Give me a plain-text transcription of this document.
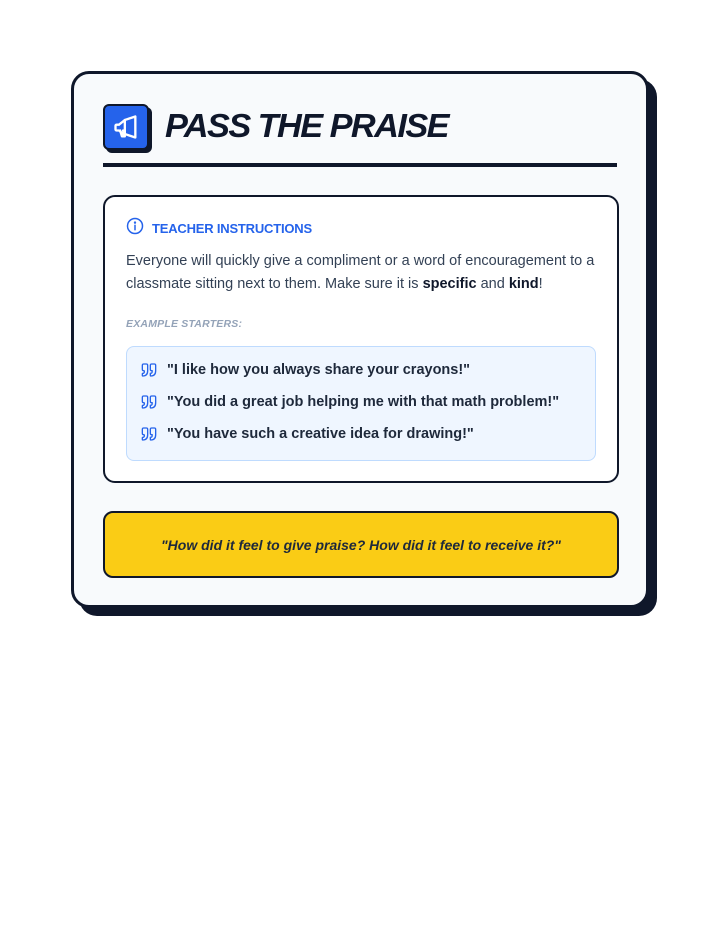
PASS THE PRAISE
TEACHER INSTRUCTIONS
Everyone will quickly give a compliment or a word of encouragement to a classmate sitting next to them. Make sure it is specific and kind!
EXAMPLE STARTERS:
"I like how you always share your crayons!"
"You did a great job helping me with that math problem!"
"You have such a creative idea for drawing!"
"How did it feel to give praise? How did it feel to receive it?"
